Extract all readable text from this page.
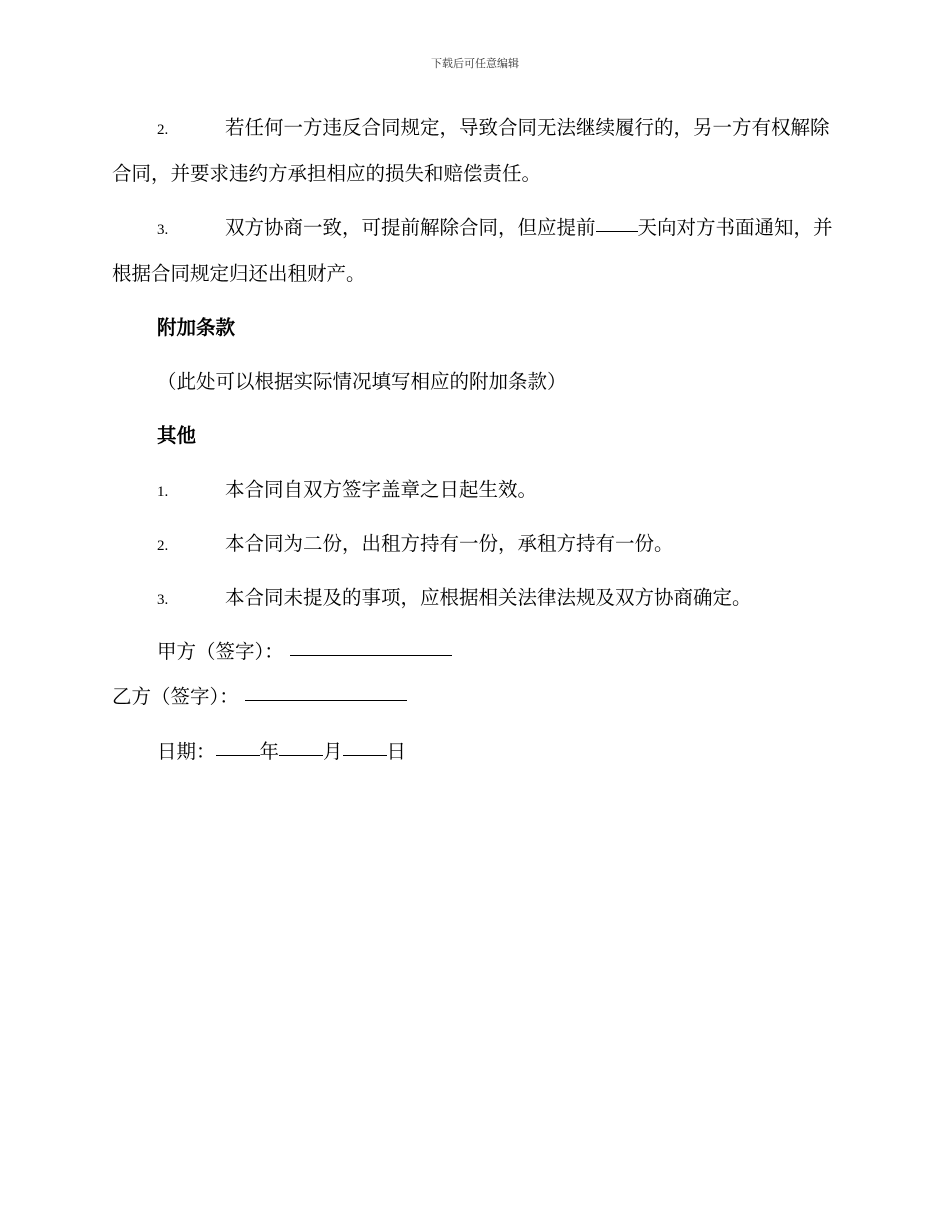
下载后可任意编辑
2.	若任何一方违反合同规定，导致合同无法继续履行的，另一方有权解除合同，并要求违约方承担相应的损失和赔偿责任。
3.	双方协商一致，可提前解除合同，但应提前 天向对方书面通知，并根据合同规定归还出租财产。
附加条款
（此处可以根据实际情况填写相应的附加条款）
其他
1.	本合同自双方签字盖章之日起生效。
2.	本合同为二份，出租方持有一份，承租方持有一份。
3.	本合同未提及的事项，应根据相关法律法规及双方协商确定。
甲方（签字）：
乙方（签字）：
日期： 年 月 日
